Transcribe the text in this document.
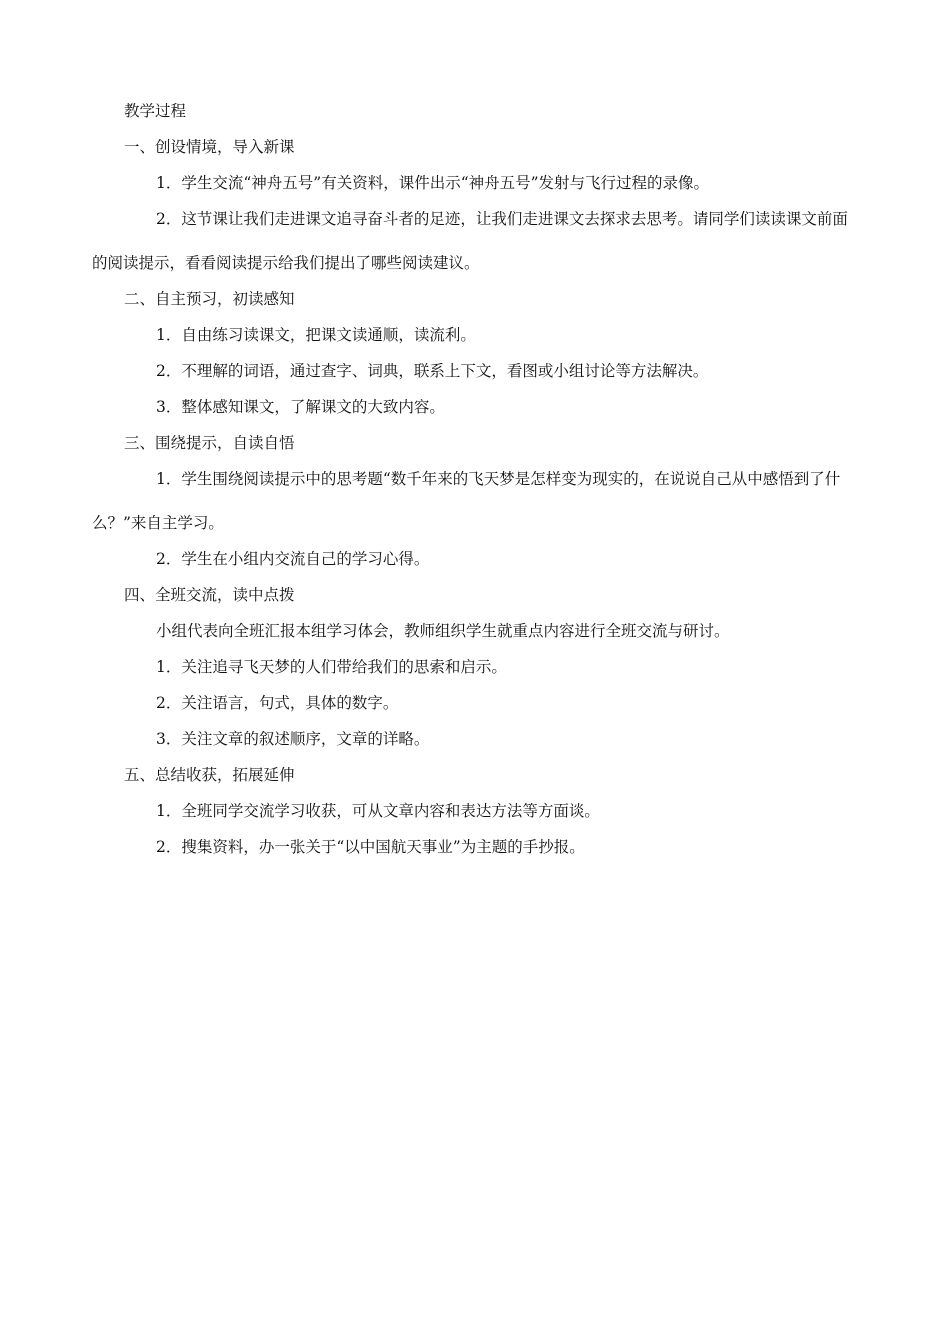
教学过程

一、创设情境，导入新课

1．学生交流“神舟五号”有关资料，课件出示“神舟五号”发射与飞行过程的录像。

2．这节课让我们走进课文追寻奋斗者的足迹，让我们走进课文去探求去思考。请同学们读读课文前面的阅读提示，看看阅读提示给我们提出了哪些阅读建议。

二、自主预习，初读感知

1．自由练习读课文，把课文读通顺，读流利。

2．不理解的词语，通过查字、词典，联系上下文，看图或小组讨论等方法解决。

3．整体感知课文，了解课文的大致内容。

三、围绕提示，自读自悟

1．学生围绕阅读提示中的思考题“数千年来的飞天梦是怎样变为现实的，在说说自己从中感悟到了什么？”来自主学习。

2．学生在小组内交流自己的学习心得。

四、全班交流，读中点拨

小组代表向全班汇报本组学习体会，教师组织学生就重点内容进行全班交流与研讨。

1．关注追寻飞天梦的人们带给我们的思索和启示。

2．关注语言，句式，具体的数字。

3．关注文章的叙述顺序，文章的详略。

五、总结收获，拓展延伸

1．全班同学交流学习收获，可从文章内容和表达方法等方面谈。

2．搜集资料，办一张关于“以中国航天事业”为主题的手抄报。
